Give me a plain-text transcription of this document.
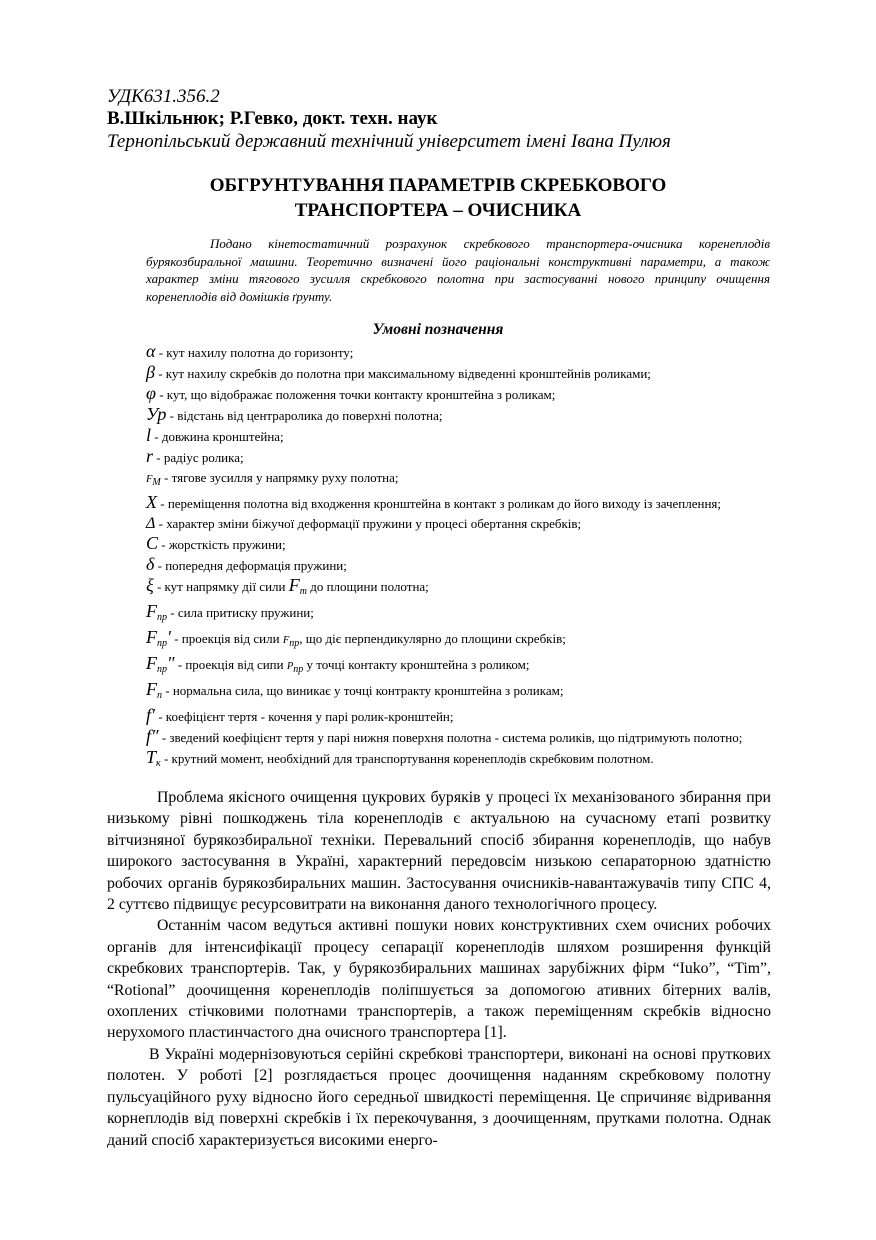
УДК631.356.2
В.Шкільнюк; Р.Гевко, докт. техн. наук
Тернопільський державний технічний університет імені Івана Пулюя
ОБГРУНТУВАННЯ ПАРАМЕТРІВ СКРЕБКОВОГО
ТРАНСПОРТЕРА – ОЧИСНИКА

Подано кінетостатичний розрахунок скребкового транспортера-очисника коренеплодів бурякозбиральної машини. Теоретично визначені його раціональні конструктивні параметри, а також характер зміни тягового зусилля скребкового полотна при застосуванні нового принципу очищення коренеплодів від домішків ґрунту.

Умовні позначення
α - кут нахилу полотна до горизонту;
β - кут нахилу скребків до полотна при максимальному відведенні кронштейнів роликами;
φ - кут, що відображає положення точки контакту кронштейна з роликам;
Ур - відстань від центраролика до поверхні полотна;
l - довжина кронштейна;
r - радіус ролика;
$F_M$ - тягове зусилля у напрямку руху полотна;
X - переміщення полотна від входження кронштейна в контакт з роликам до його виходу із зачеплення;
Δ - характер зміни біжучої деформації пружини у процесі обертання скребків;
C - жорсткість пружини;
δ - попередня деформація пружини;
ξ - кут напрямку дії сили $F_m$ до площини полотна;
$F_{пр}$ - сила притиску пружини;
$F_{пр}'$ - проекція від сили $F_{пр}$, що діє перпендикулярно до площини скребків;
$F_{пр}''$ - проекція від сипи $P_{пр}$ у точці контакту кронштейна з роликом;
$F_n$ - нормальна сила, що виникає у точці контракту кронштейна з роликам;
f′ - коефіцієнт тертя - кочення у парі ролик-кронштейн;
f″ - зведений коефіцієнт тертя у парі нижня поверхня полотна - система роликів, що підтримують полотно;
$T_к$ - крутний момент, необхідний для транспортування коренеплодів скребковим полотном.

Проблема якісного очищення цукрових буряків у процесі їх механізованого збирання при низькому рівні пошкоджень тіла коренеплодів є актуальною на сучасному етапі розвитку вітчизняної бурякозбиральної техніки. Перевальний спосіб збирання коренеплодів, що набув широкого застосування в Україні, характерний передовсім низькою сепараторною здатністю робочих органів бурякозбиральних машин. Застосування очисників-навантажувачів типу СПС 4, 2 суттєво підвищує ресурсовитрати на виконання даного технологічного процесу.

Останнім часом ведуться активні пошуки нових конструктивних схем очисних робочих органів для інтенсифікації процесу сепарації коренеплодів шляхом розширення функцій скребкових транспортерів. Так, у бурякозбиральних машинах зарубіжних фірм “Iuko”, “Tim”, “Rotional” доочищення коренеплодів поліпшується за допомогою ативних бітерних валів, охоплених стічковими полотнами транспортерів, а також переміщенням скребків відносно нерухомого пластинчастого дна очисного транспортера [1].

В Україні модернізовуються серійні скребкові транспортери, виконані на основі пруткових полотен. У роботі [2] розглядається процес доочищення наданням скребковому полотну пульсуаційного руху відносно його середньої швидкості переміщення. Це спричиняє відривання корнеплодів від поверхні скребків і їх перекочування, з доочищенням, прутками полотна. Однак даний спосіб характеризується високими енерго-
